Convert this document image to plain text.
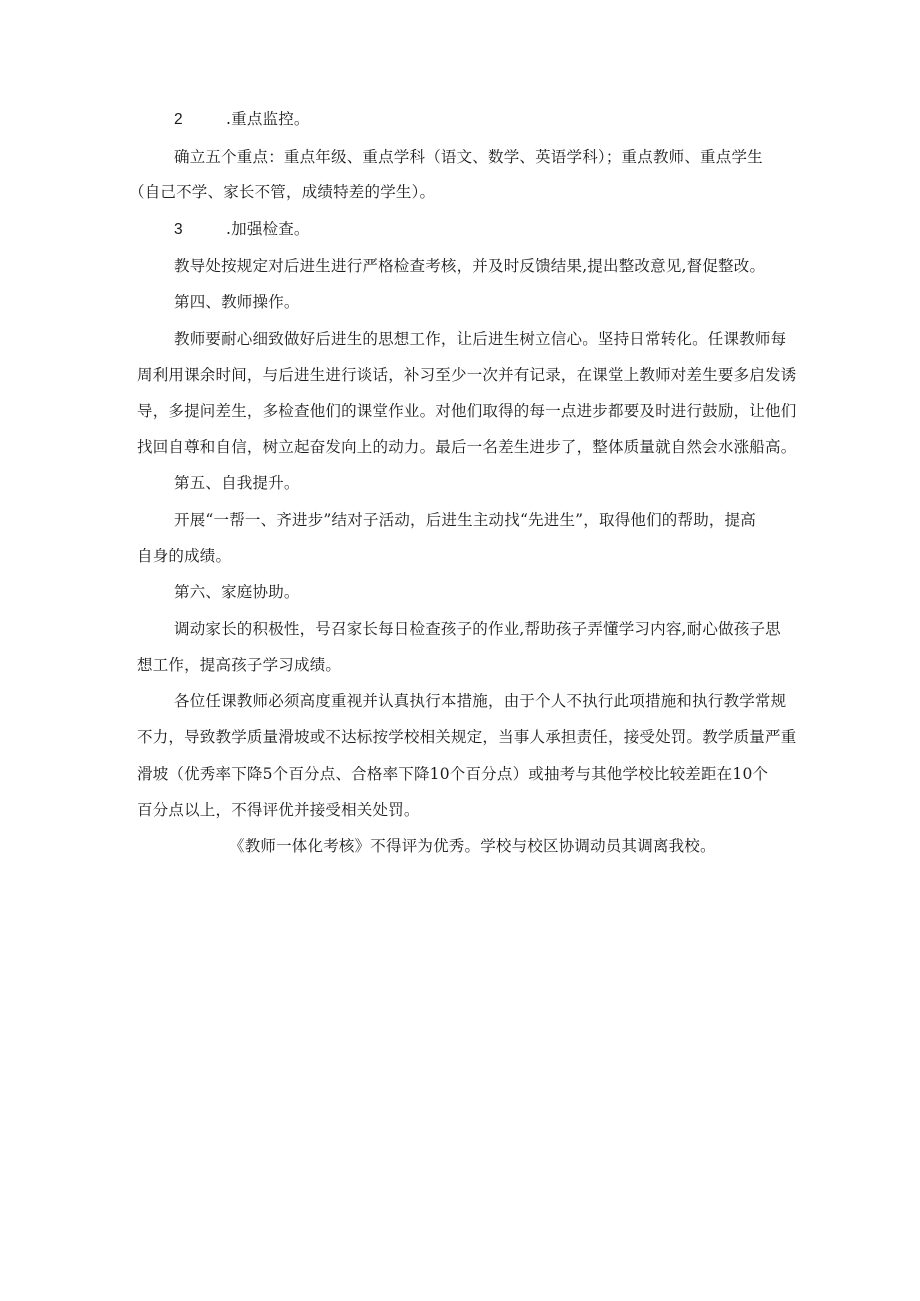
2	.重点监控。
确立五个重点：重点年级、重点学科（语文、数学、英语学科）；重点教师、重点学生
（自己不学、家长不管，成绩特差的学生）。
3	.加强检查。
教导处按规定对后进生进行严格检查考核，并及时反馈结果,提出整改意见,督促整改。
第四、教师操作。
教师要耐心细致做好后进生的思想工作，让后进生树立信心。坚持日常转化。任课教师每
周利用课余时间，与后进生进行谈话，补习至少一次并有记录，在课堂上教师对差生要多启发诱
导，多提问差生，多检查他们的课堂作业。对他们取得的每一点进步都要及时进行鼓励，让他们
找回自尊和自信，树立起奋发向上的动力。最后一名差生进步了，整体质量就自然会水涨船高。
第五、自我提升。
开展“一帮一、齐进步”结对子活动，后进生主动找“先进生”，取得他们的帮助，提高
自身的成绩。
第六、家庭协助。
调动家长的积极性，号召家长每日检查孩子的作业,帮助孩子弄懂学习内容,耐心做孩子思
想工作，提高孩子学习成绩。
各位任课教师必须高度重视并认真执行本措施，由于个人不执行此项措施和执行教学常规
不力，导致教学质量滑坡或不达标按学校相关规定，当事人承担责任，接受处罚。教学质量严重
滑坡（优秀率下降5个百分点、合格率下降10个百分点）或抽考与其他学校比较差距在10个
百分点以上，不得评优并接受相关处罚。
《教师一体化考核》不得评为优秀。学校与校区协调动员其调离我校。
